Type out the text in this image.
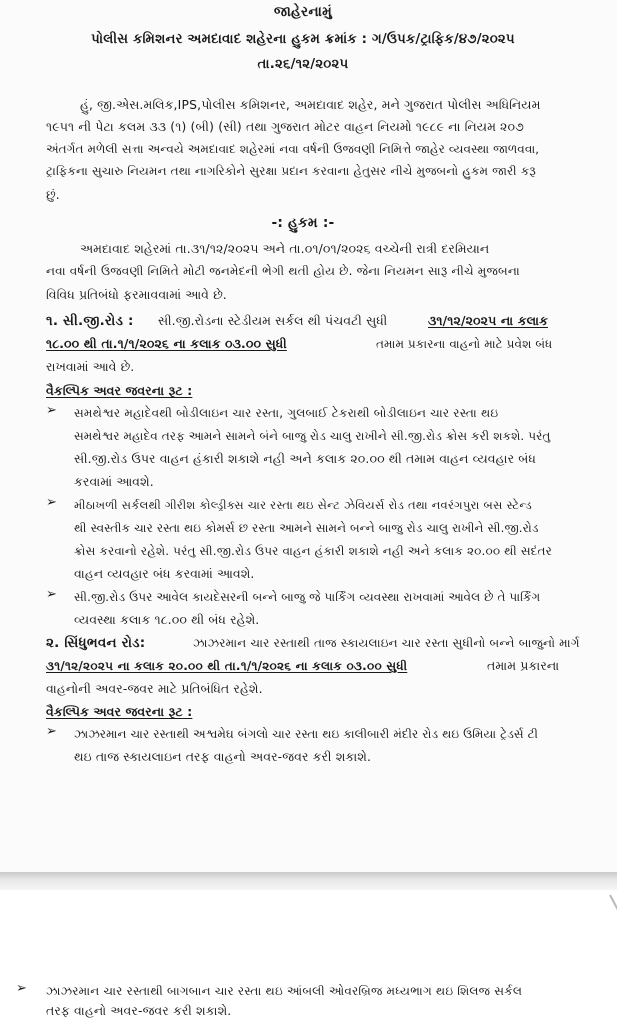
જાહેરનામું
પોલીસ કમિશનર અમદાવાદ શહેરના હુકમ ક્રમાંક : ગ/ઉપક/ટ્રાફિક/૪૭/૨૦૨૫
તા.૨૬/૧૨/૨૦૨૫
હું, જી.એસ.મલિક,IPS,પોલીસ કમિશનર, અમદાવાદ શહેર, મને ગુજરાત પોલીસ અધિનિયમ
૧૯૫૧ ની પેટા કલમ ૩૩ (૧) (બી) (સી) તથા ગુજરાત મોટર વાહન નિયમો ૧૯૮૯ ના નિયમ ૨૦૭
અંતર્ગત મળેલી સત્તા અન્વયે અમદાવાદ શહેરમાં નવા વર્ષની ઉજવણી નિમિત્તે જાહેર વ્યવસ્થા જાળવવા,
ટ્રાફિકના સુચારુ નિયમન તથા નાગરિકોને સુરક્ષા પ્રદાન કરવાના હેતુસર નીચે મુજબનો હુકમ જારી કરૂ
છું.
-: હુકમ :-
અમદાવાદ શહેરમાં તા.૩૧/૧૨/૨૦૨૫ અને તા.૦૧/૦૧/૨૦૨૬ વચ્ચેની રાત્રી દરમિયાન
નવા વર્ષની ઉજવણી નિમિતે મોટી જનમેદની ભેગી થતી હોય છે. જેના નિયમન સારૂ નીચે મુજબના
વિવિધ પ્રતિબંધો ફરમાવવામાં આવે છે.
૧. સી.જી.રોડ : સી.જી.રોડના સ્ટેડીયમ સર્કલ થી પંચવટી સુધી	૩૧/૧૨/૨૦૨૫ ના કલાક
૧૮.૦૦ થી તા.૧/૧/૨૦૨૬ ના કલાક ૦૩.૦૦ સુધી	તમામ પ્રકારના વાહનો માટે પ્રવેશ બંધ
રાખવામાં આવે છે.
વૈકલ્પિક અવર જવરના રૂટ :
➢ સમથેશ્વર મહાદેવથી બોડીલાઇન ચાર રસ્તા, ગુલબાઈ ટેકરાથી બોડીલાઇન ચાર રસ્તા થઇ
સમથેશ્વર મહાદેવ તરફ આમને સામને બંને બાજુ રોડ ચાલુ રાખીને સી.જી.રોડ ક્રોસ કરી શકશે. પરંતુ
સી.જી.રોડ ઉપર વાહન હંકારી શકાશે નહી અને કલાક ૨૦.૦૦ થી તમામ વાહન વ્યવહાર બંધ
કરવામાં આવશે.
➢ મીઠાખળી સર્કલથી ગીરીશ કોલ્ડ્રીક્સ ચાર રસ્તા થઇ સેન્ટ ઝેવિયર્સ રોડ તથા નવરંગપુરા બસ સ્ટેન્ડ
થી સ્વસ્તીક ચાર રસ્તા થઇ કોમર્સ છ રસ્તા આમને સામને બન્ને બાજુ રોડ ચાલુ રાખીને સી.જી.રોડ
ક્રોસ કરવાનો રહેશે. પરંતુ સી.જી.રોડ ઉપર વાહન હંકારી શકાશે નહી અને કલાક ૨૦.૦૦ થી સદંતર
વાહન વ્યવહાર બંધ કરવામાં આવશે.
➢ સી.જી.રોડ ઉપર આવેલ કાયદેસરની બન્ને બાજુ જે પાર્કિંગ વ્યવસ્થા રાખવામાં આવેલ છે તે પાર્કિંગ
વ્યવસ્થા કલાક ૧૮.૦૦ થી બંધ રહેશે.
૨. સિંધુભવન રોડ:	ઝાઝરમાન ચાર રસ્તાથી તાજ સ્કાયલાઇન ચાર રસ્તા સુધીનો બન્ને બાજુનો માર્ગ
૩૧/૧૨/૨૦૨૫ ના કલાક ૨૦.૦૦ થી તા.૧/૧/૨૦૨૬ ના કલાક ૦૩.૦૦ સુધી	તમામ પ્રકારના
વાહનોની અવર-જવર માટે પ્રતિબંધિત રહેશે.
વૈકલ્પિક અવર જવરના રૂટ :
➢ ઝાઝરમાન ચાર રસ્તાથી અશ્વમેઘ બંગલો ચાર રસ્તા થઇ કાલીબારી મંદીર રોડ થઇ ઉમિયા ટ્રેડર્સ ટી
થઇ તાજ સ્કાયલાઇન તરફ વાહનો અવર-જવર કરી શકાશે.
➢ ઝાઝરમાન ચાર રસ્તાથી બાગબાન ચાર રસ્તા થઇ આંબલી ઓવરબ્રિજ મધ્યભાગ થઇ શિલજ સર્કલ
તરફ વાહનો અવર-જવર કરી શકાશે.
